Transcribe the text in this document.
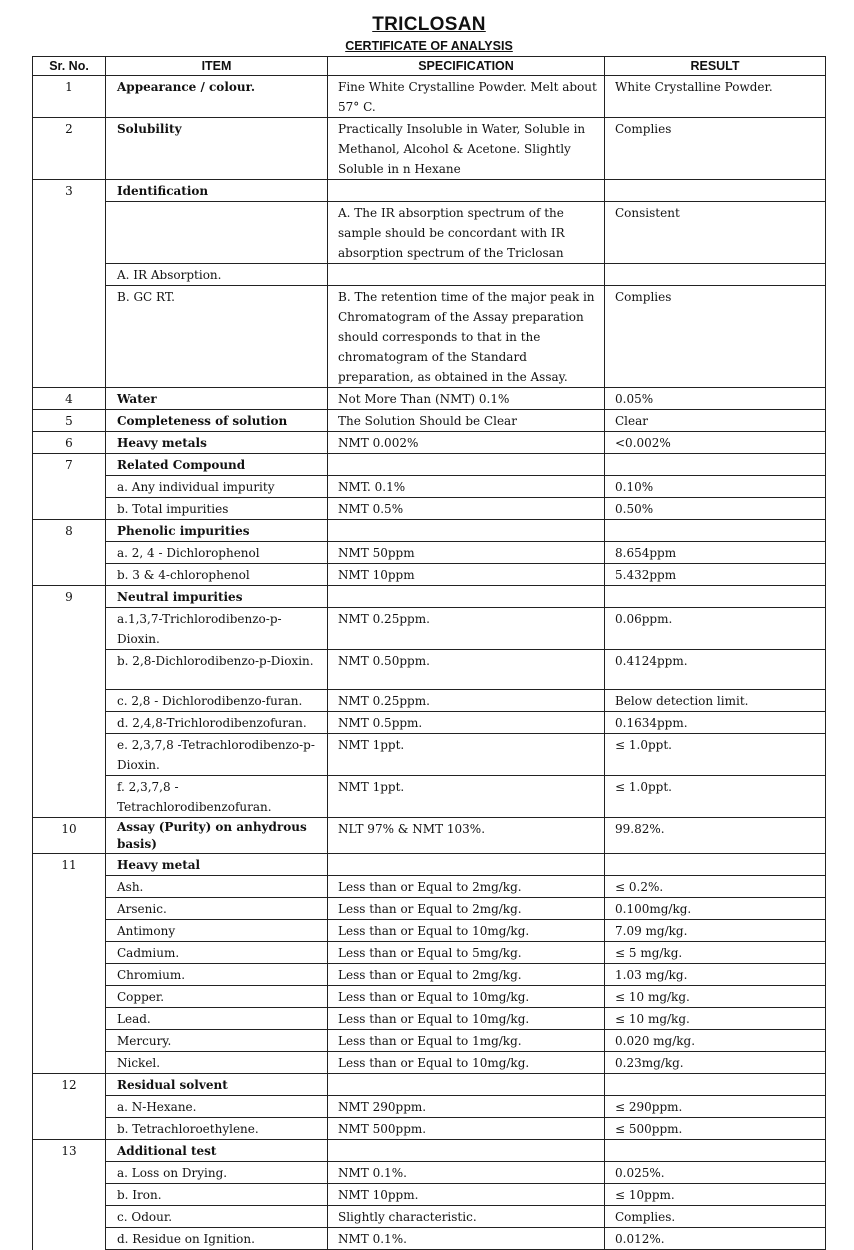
TRICLOSAN
CERTIFICATE OF ANALYSIS
Sr. No.	ITEM	SPECIFICATION	RESULT
1	Appearance / colour.	Fine White Crystalline Powder. Melt about 57° C.	White Crystalline Powder.
2	Solubility	Practically Insoluble in Water, Soluble in Methanol, Alcohol & Acetone. Slightly Soluble in n Hexane	Complies
3	Identification		
		A. The IR absorption spectrum of the sample should be concordant with IR absorption spectrum of the Triclosan	Consistent
	A. IR Absorption.		
	B. GC RT.	B. The retention time of the major peak in Chromatogram of the Assay preparation should corresponds to that in the chromatogram of the Standard preparation, as obtained in the Assay.	Complies
4	Water	Not More Than (NMT) 0.1%	0.05%
5	Completeness of solution	The Solution Should be Clear	Clear
6	Heavy metals	NMT 0.002%	<0.002%
7	Related Compound		
	a. Any individual impurity	NMT. 0.1%	0.10%
	b. Total impurities	NMT 0.5%	0.50%
8	Phenolic impurities		
	a. 2, 4 - Dichlorophenol	NMT 50ppm	8.654ppm
	b. 3 & 4-chlorophenol	NMT 10ppm	5.432ppm
9	Neutral impurities		
	a.1,3,7-Trichlorodibenzo-p-Dioxin.	NMT 0.25ppm.	0.06ppm.
	b. 2,8-Dichlorodibenzo-p-Dioxin.	NMT 0.50ppm.	0.4124ppm.
	c. 2,8 - Dichlorodibenzo-furan.	NMT 0.25ppm.	Below detection limit.
	d. 2,4,8-Trichlorodibenzofuran.	NMT 0.5ppm.	0.1634ppm.
	e. 2,3,7,8 -Tetrachlorodibenzo-p-Dioxin.	NMT 1ppt.	≤ 1.0ppt.
	f. 2,3,7,8 - Tetrachlorodibenzofuran.	NMT 1ppt.	≤ 1.0ppt.
10	Assay (Purity) on anhydrous basis)	NLT 97% & NMT 103%.	99.82%.
11	Heavy metal		
	Ash.	Less than or Equal to 2mg/kg.	≤ 0.2%.
	Arsenic.	Less than or Equal to 2mg/kg.	0.100mg/kg.
	Antimony	Less than or Equal to 10mg/kg.	7.09 mg/kg.
	Cadmium.	Less than or Equal to 5mg/kg.	≤ 5 mg/kg.
	Chromium.	Less than or Equal to 2mg/kg.	1.03 mg/kg.
	Copper.	Less than or Equal to 10mg/kg.	≤ 10 mg/kg.
	Lead.	Less than or Equal to 10mg/kg.	≤ 10 mg/kg.
	Mercury.	Less than or Equal to 1mg/kg.	0.020 mg/kg.
	Nickel.	Less than or Equal to 10mg/kg.	0.23mg/kg.
12	Residual solvent		
	a. N-Hexane.	NMT 290ppm.	≤ 290ppm.
	b. Tetrachloroethylene.	NMT 500ppm.	≤ 500ppm.
13	Additional test		
	a. Loss on Drying.	NMT 0.1%.	0.025%.
	b. Iron.	NMT 10ppm.	≤ 10ppm.
	c. Odour.	Slightly characteristic.	Complies.
	d. Residue on Ignition.	NMT 0.1%.	0.012%.
